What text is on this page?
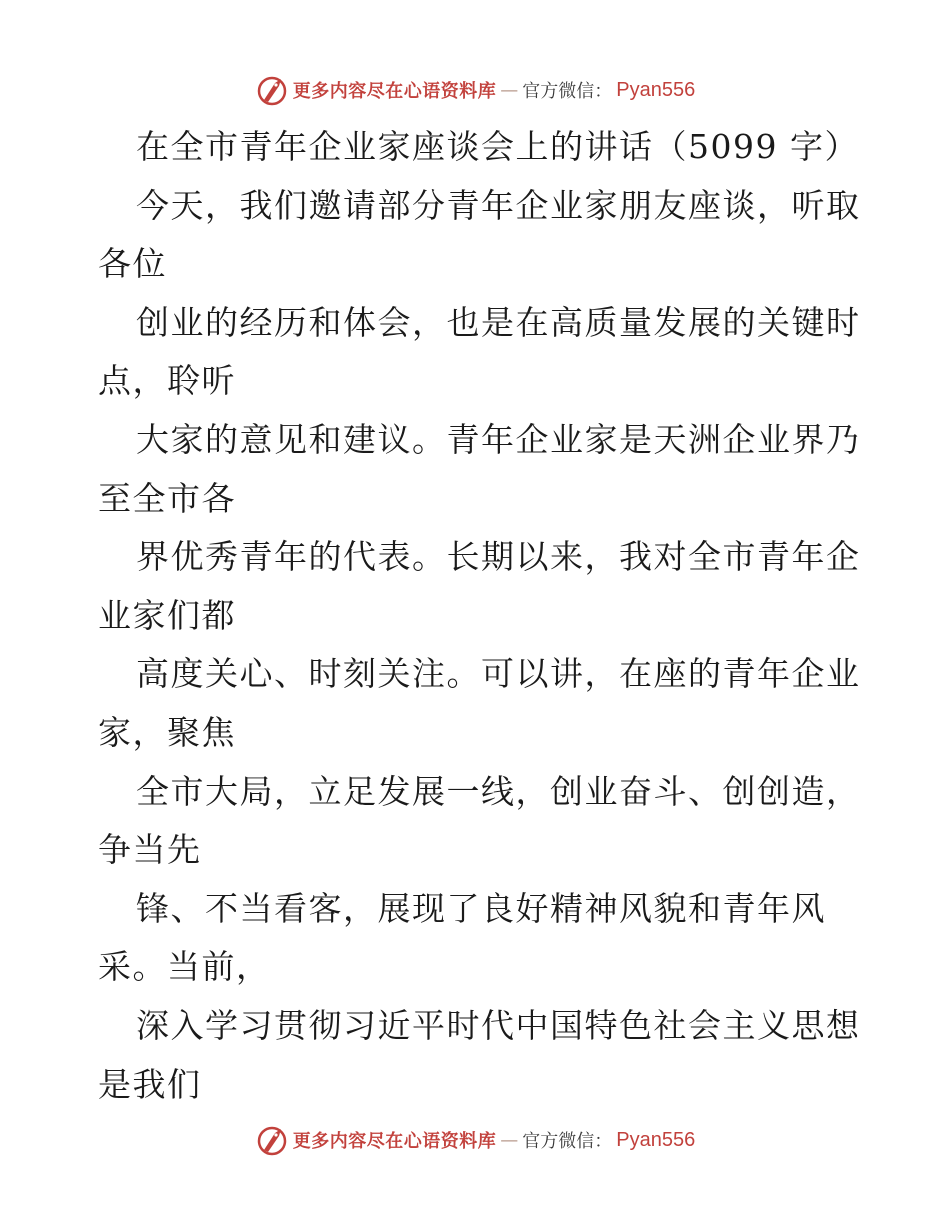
更多内容尽在心语资料库 — 官方微信： Pyan556
在全市青年企业家座谈会上的讲话（5099 字）
今天，我们邀请部分青年企业家朋友座谈，听取
各位
创业的经历和体会，也是在高质量发展的关键时
点，聆听
大家的意见和建议。青年企业家是天洲企业界乃
至全市各
界优秀青年的代表。长期以来，我对全市青年企
业家们都
高度关心、时刻关注。可以讲，在座的青年企业
家，聚焦
全市大局，立足发展一线，创业奋斗、创创造，
争当先
锋、不当看客，展现了良好精神风貌和青年风
采。当前，
深入学习贯彻习近平时代中国特色社会主义思想
是我们
更多内容尽在心语资料库 — 官方微信： Pyan556
